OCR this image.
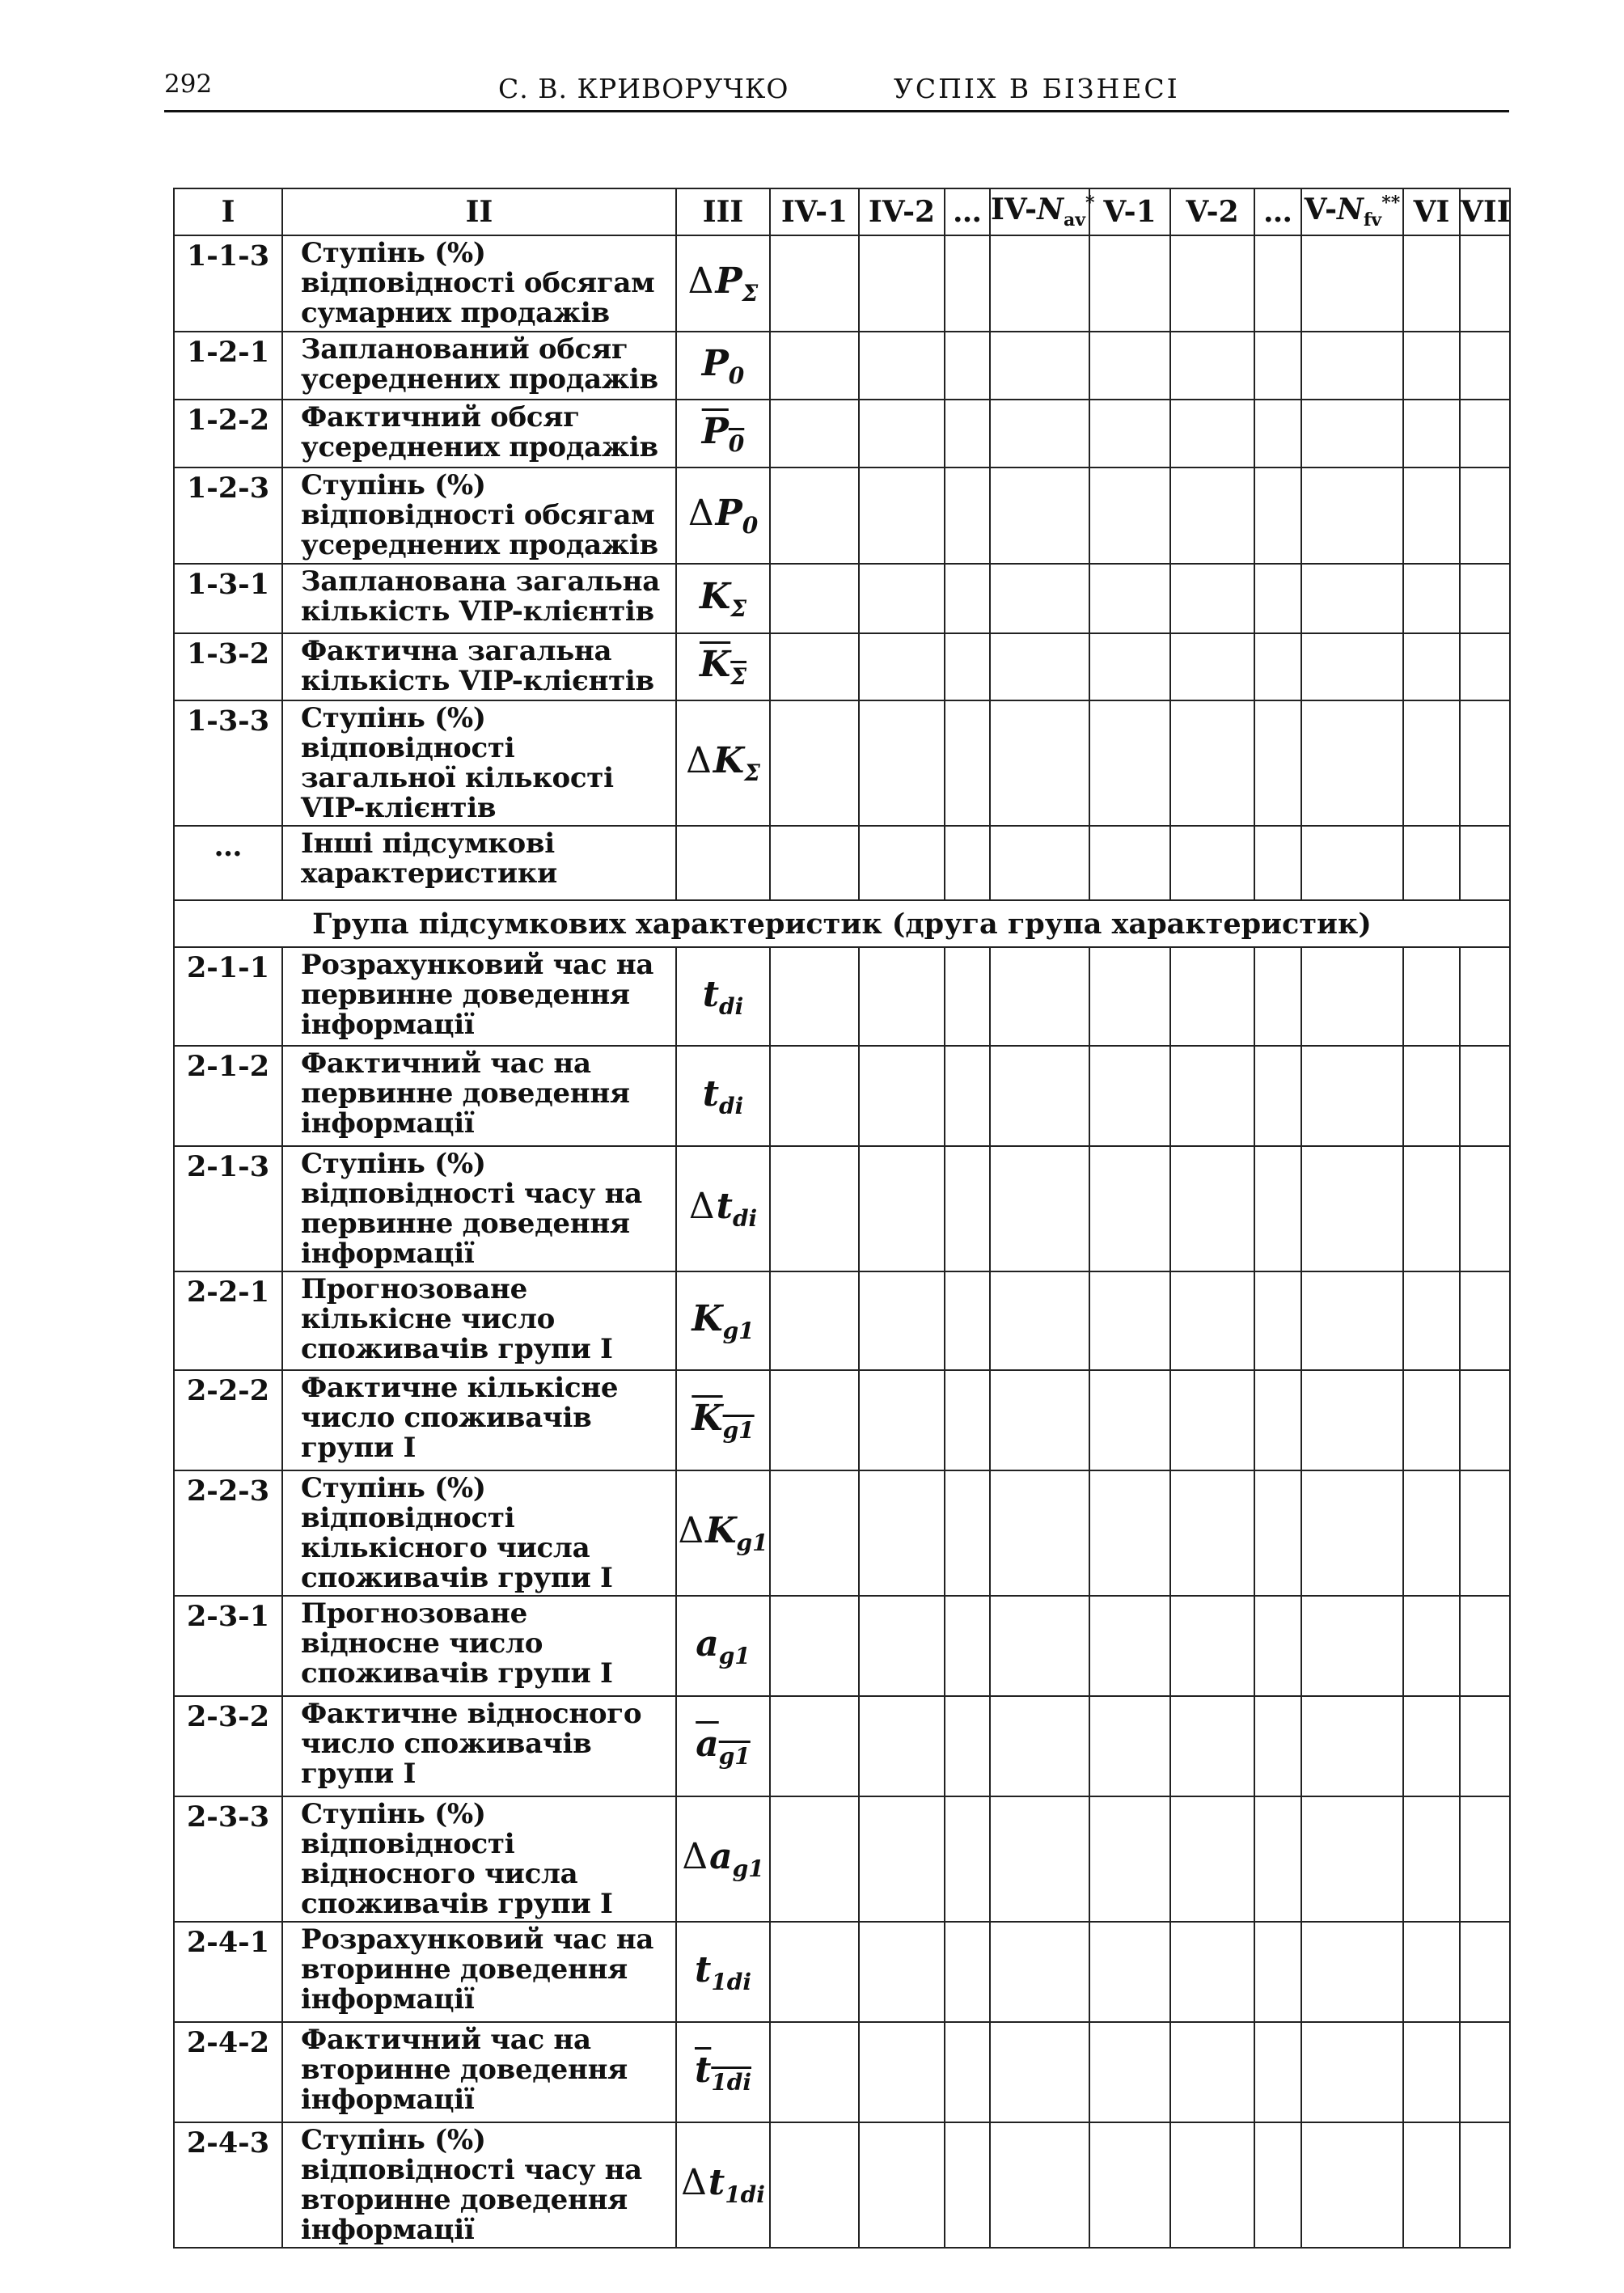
292	С. В. КРИВОРУЧКО	УСПІХ В БІЗНЕСІ
I	II	III	IV-1	IV-2	…	$IV-N_{av}^*$	V-1	V-2	…	$V-N_{fv}^{**}$	VI	VII
1-1-3	Ступінь (%) відповідності обсягам сумарних продажів	$\Delta P_\Sigma$										
1-2-1	Запланований обсяг усереднених продажів	$P_0$										
1-2-2	Фактичний обсяг усереднених продажів	$P_0$										
1-2-3	Ступінь (%) відповідності обсягам усереднених продажів	$\Delta P_0$										
1-3-1	Запланована загальна кількість VIP-клієнтів	$K_\Sigma$										
1-3-2	Фактична загальна кількість VIP-клієнтів	$K_\Sigma$										
1-3-3	Ступінь (%) відповідності загальної кількості VIP-клієнтів	$\Delta K_\Sigma$										
…	Інші підсумкові характеристики											
Група підсумкових характеристик (друга група характеристик)												
2-1-1	Розрахунковий час на первинне доведення інформації	$t_{di}$										
2-1-2	Фактичний час на первинне доведення інформації	$t_{di}$										
2-1-3	Ступінь (%) відповідності часу на первинне доведення інформації	$\Delta t_{di}$										
2-2-1	Прогнозоване кількісне число споживачів групи I	$K_{g1}$										
2-2-2	Фактичне кількісне число споживачів групи I	$K_{g1}$										
2-2-3	Ступінь (%) відповідності кількісного числа споживачів групи I	$\Delta K_{g1}$										
2-3-1	Прогнозоване відносне число споживачів групи I	$a_{g1}$										
2-3-2	Фактичне відносного число споживачів групи I	$a_{g1}$										
2-3-3	Ступінь (%) відповідності відносного числа споживачів групи I	$\Delta a_{g1}$										
2-4-1	Розрахунковий час на вторинне доведення інформації	$t_{1di}$										
2-4-2	Фактичний час на вторинне доведення інформації	$t_{1di}$										
2-4-3	Ступінь (%) відповідності часу на вторинне доведення інформації	$\Delta t_{1di}$										
